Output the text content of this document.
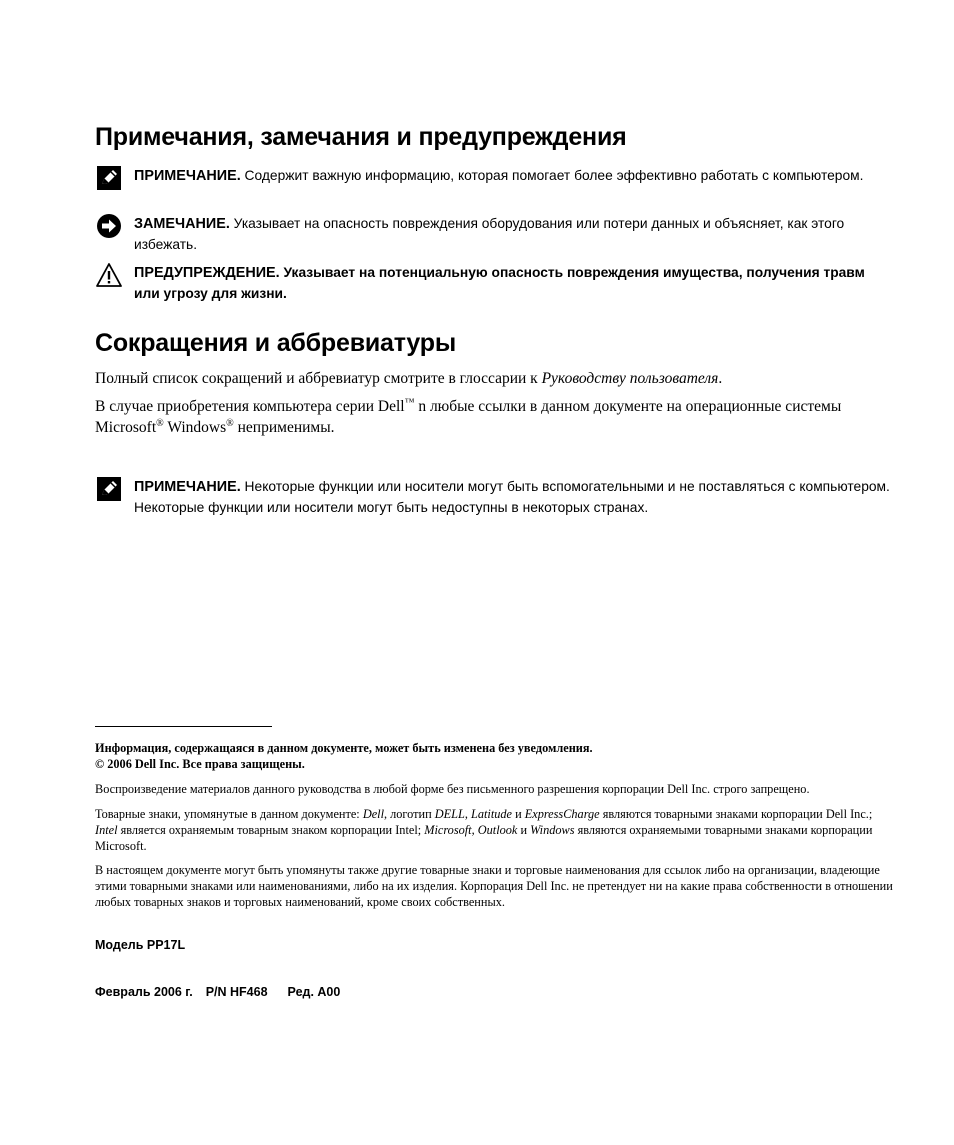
Примечания, замечания и предупреждения
ПРИМЕЧАНИЕ. Содержит важную информацию, которая помогает более эффективно работать с компьютером.
ЗАМЕЧАНИЕ. Указывает на опасность повреждения оборудования или потери данных и объясняет, как этого избежать.
ПРЕДУПРЕЖДЕНИЕ. Указывает на потенциальную опасность повреждения имущества, получения травм или угрозу для жизни.
Сокращения и аббревиатуры
Полный список сокращений и аббревиатур смотрите в глоссарии к Руководству пользователя.
В случае приобретения компьютера серии Dell™ n любые ссылки в данном документе на операционные системы Microsoft® Windows® неприменимы.
ПРИМЕЧАНИЕ. Некоторые функции или носители могут быть вспомогательными и не поставляться с компьютером. Некоторые функции или носители могут быть недоступны в некоторых странах.
Информация, содержащаяся в данном документе, может быть изменена без уведомления.
© 2006 Dell Inc. Все права защищены.
Воспроизведение материалов данного руководства в любой форме без письменного разрешения корпорации Dell Inc. строго запрещено.
Товарные знаки, упомянутые в данном документе: Dell, логотип DELL, Latitude и ExpressCharge являются товарными знаками корпорации Dell Inc.; Intel является охраняемым товарным знаком корпорации Intel; Microsoft, Outlook и Windows являются охраняемыми товарными знаками корпорации Microsoft.
В настоящем документе могут быть упомянуты также другие товарные знаки и торговые наименования для ссылок либо на организации, владеющие этими товарными знаками или наименованиями, либо на их изделия. Корпорация Dell Inc. не претендует ни на какие права собственности в отношении любых товарных знаков и торговых наименований, кроме своих собственных.
Модель PP17L
Февраль 2006 г. P/N HF468 Ред. A00
